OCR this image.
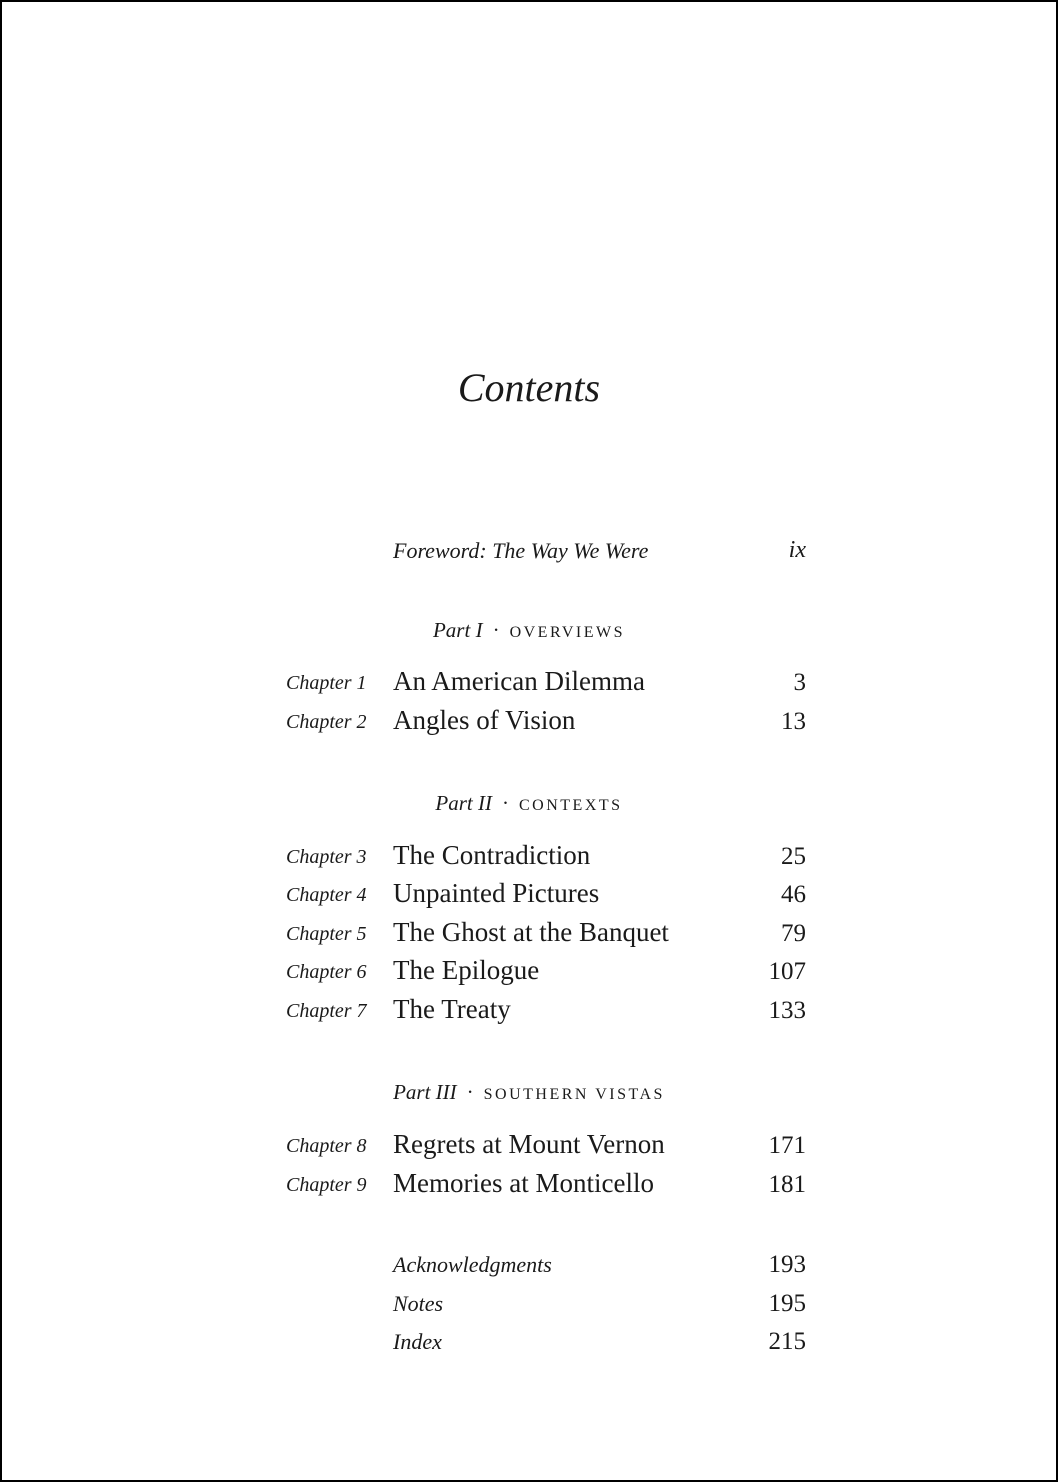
Contents
Foreword: The Way We Were	ix
Part I · OVERVIEWS
Chapter 1 An American Dilemma	3
Chapter 2 Angles of Vision	13
Part II · CONTEXTS
Chapter 3 The Contradiction	25
Chapter 4 Unpainted Pictures	46
Chapter 5 The Ghost at the Banquet	79
Chapter 6 The Epilogue	107
Chapter 7 The Treaty	133
Part III · SOUTHERN VISTAS
Chapter 8 Regrets at Mount Vernon	171
Chapter 9 Memories at Monticello	181
Acknowledgments	193
Notes	195
Index	215
